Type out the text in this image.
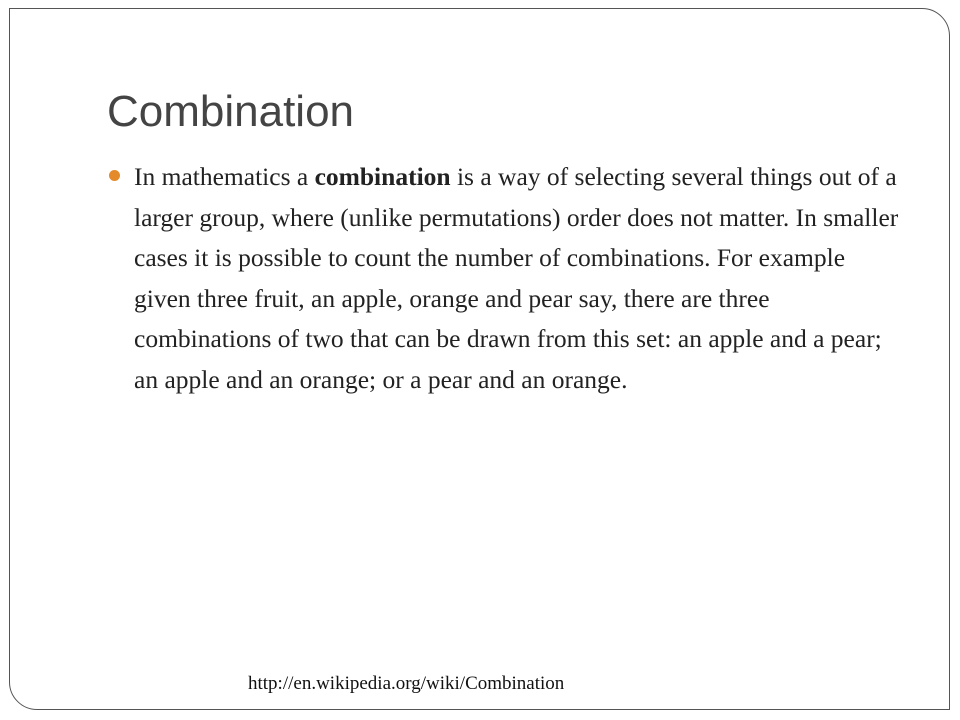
Combination

In mathematics a combination is a way of selecting several things out of a larger group, where (unlike permutations) order does not matter. In smaller cases it is possible to count the number of combinations. For example given three fruit, an apple, orange and pear say, there are three combinations of two that can be drawn from this set: an apple and a pear; an apple and an orange; or a pear and an orange.

http://en.wikipedia.org/wiki/Combination
